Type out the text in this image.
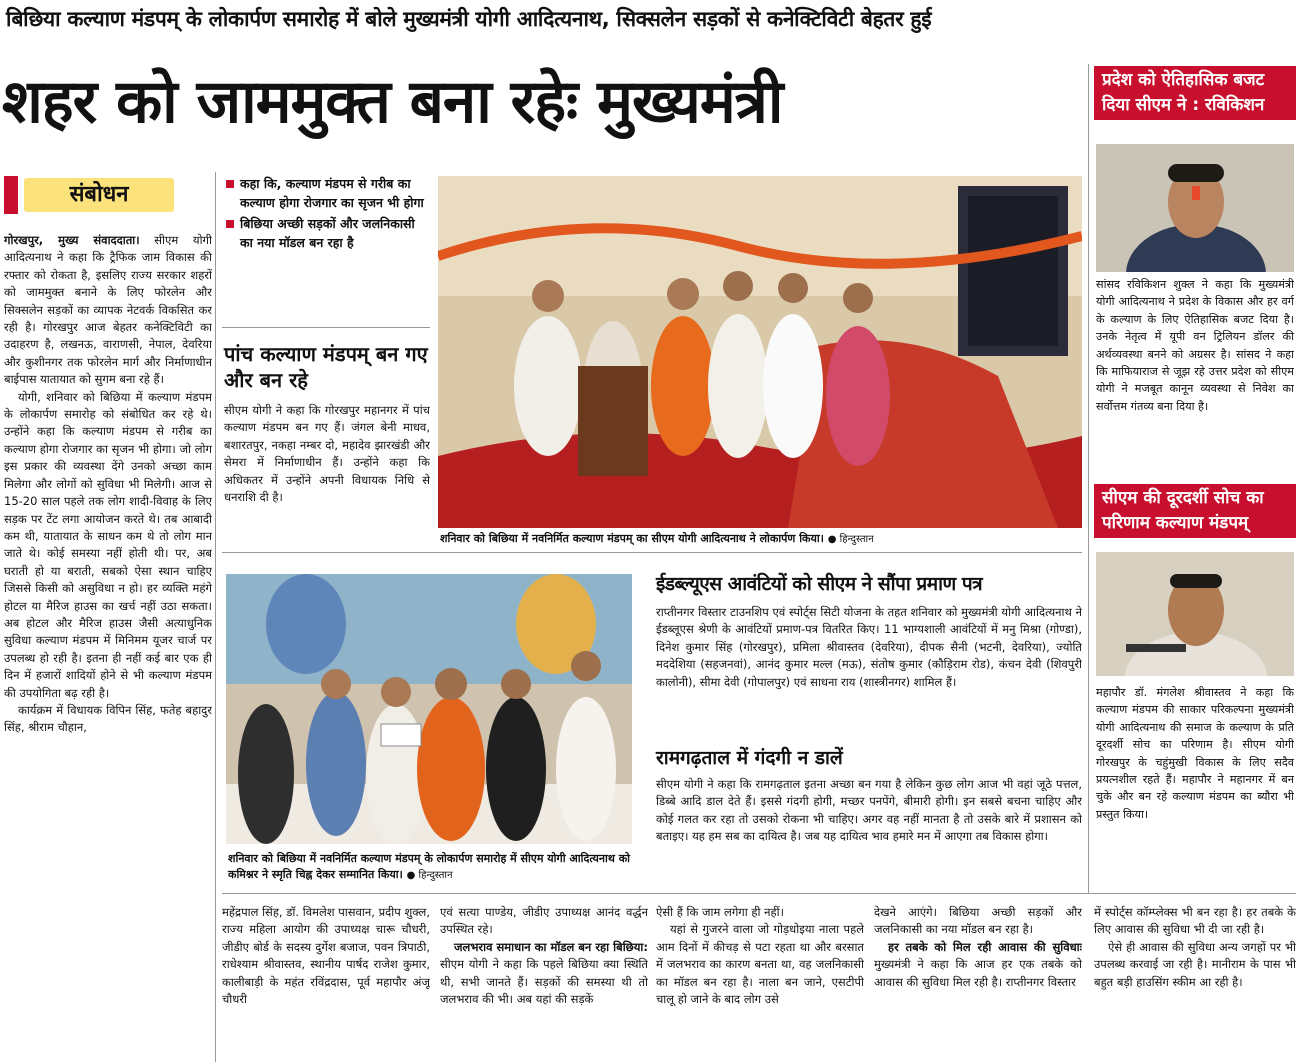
बिछिया कल्याण मंडपम् के लोकार्पण समारोह में बोले मुख्यमंत्री योगी आदित्यनाथ, सिक्सलेन सड़कों से कनेक्टिविटी बेहतर हुई
शहर को जाममुक्त बना रहेः मुख्यमंत्री
संबोधन

गोरखपुर, मुख्य संवाददाता। सीएम योगी आदित्यनाथ ने कहा कि ट्रैफिक जाम विकास की रफ्तार को रोकता है, इसलिए राज्य सरकार शहरों को जाममुक्त बनाने के लिए फोरलेन और सिक्सलेन सड़कों का व्यापक नेटवर्क विकसित कर रही है। गोरखपुर आज बेहतर कनेक्टिविटी का उदाहरण है, लखनऊ, वाराणसी, नेपाल, देवरिया और कुशीनगर तक फोरलेन मार्ग और निर्माणाधीन बाईपास यातायात को सुगम बना रहे हैं।

योगी, शनिवार को बिछिया में कल्याण मंडपम के लोकार्पण समारोह को संबोधित कर रहे थे। उन्होंने कहा कि कल्याण मंडपम से गरीब का कल्याण होगा रोजगार का सृजन भी होगा। जो लोग इस प्रकार की व्यवस्था देंगे उनको अच्छा काम मिलेगा और लोगों को सुविधा भी मिलेगी। आज से 15-20 साल पहले तक लोग शादी-विवाह के लिए सड़क पर टेंट लगा आयोजन करते थे। तब आबादी कम थी, यातायात के साधन कम थे तो लोग मान जाते थे। कोई समस्या नहीं होती थी। पर, अब घराती हो या बराती, सबको ऐसा स्थान चाहिए जिससे किसी को असुविधा न हो। हर व्यक्ति महंगे होटल या मैरिज हाउस का खर्च नहीं उठा सकता। अब होटल और मैरिज हाउस जैसी अत्याधुनिक सुविधा कल्याण मंडपम में मिनिमम यूजर चार्ज पर उपलब्ध हो रही है। इतना ही नहीं कई बार एक ही दिन में हजारों शादियों होने से भी कल्याण मंडपम की उपयोगिता बढ़ रही है।

कार्यक्रम में विधायक विपिन सिंह, फतेह बहादुर सिंह, श्रीराम चौहान,

कहा कि, कल्याण मंडपम से गरीब का कल्याण होगा रोजगार का सृजन भी होगा
बिछिया अच्छी सड़कों और जलनिकासी का नया मॉडल बन रहा है
पांच कल्याण मंडपम् बन गए और बन रहे
सीएम योगी ने कहा कि गोरखपुर महानगर में पांच कल्याण मंडपम बन गए हैं। जंगल बेनी माधव, बशारतपुर, नकहा नम्बर दो, महादेव झारखंडी और सेमरा में निर्माणाधीन हैं। उन्होंने कहा कि अधिकतर में उन्होंने अपनी विधायक निधि से धनराशि दी है।
शनिवार को बिछिया में नवनिर्मित कल्याण मंडपम् का सीएम योगी आदित्यनाथ ने लोकार्पण किया। ● हिन्दुस्तान
शनिवार को बिछिया में नवनिर्मित कल्याण मंडपम् के लोकार्पण समारोह में सीएम योगी आदित्यनाथ को कमिश्नर ने स्मृति चिह्न देकर सम्मानित किया। ● हिन्दुस्तान
ईडब्ल्यूएस आवंटियों को सीएम ने सौंपा प्रमाण पत्र
राप्तीनगर विस्तार टाउनशिप एवं स्पोर्ट्स सिटी योजना के तहत शनिवार को मुख्यमंत्री योगी आदित्यनाथ ने ईडब्लूएस श्रेणी के आवंटियों प्रमाण-पत्र वितरित किए। 11 भाग्यशाली आवंटियों में मनु मिश्रा (गोण्डा), दिनेश कुमार सिंह (गोरखपुर), प्रमिला श्रीवास्तव (देवरिया), दीपक सैनी (भटनी, देवरिया), ज्योति मददेशिया (सहजनवां), आनंद कुमार मल्ल (मऊ), संतोष कुमार (कौड़िराम रोड), कंचन देवी (शिवपुरी कालोनी), सीमा देवी (गोपालपुर) एवं साधना राय (शास्त्रीनगर) शामिल हैं।
रामगढ़ताल में गंदगी न डालें
सीएम योगी ने कहा कि रामगढ़ताल इतना अच्छा बन गया है लेकिन कुछ लोग आज भी वहां जूठे पत्तल, डिब्बे आदि डाल देते हैं। इससे गंदगी होगी, मच्छर पनपेंगे, बीमारी होगी। इन सबसे बचना चाहिए और कोई गलत कर रहा तो उसको रोकना भी चाहिए। अगर वह नहीं मानता है तो उसके बारे में प्रशासन को बताइए। यह हम सब का दायित्व है। जब यह दायित्व भाव हमारे मन में आएगा तब विकास होगा।
प्रदेश को ऐतिहासिक बजट दिया सीएम ने : रविकिशन
सांसद रविकिशन शुक्ल ने कहा कि मुख्यमंत्री योगी आदित्यनाथ ने प्रदेश के विकास और हर वर्ग के कल्याण के लिए ऐतिहासिक बजट दिया है। उनके नेतृत्व में यूपी वन ट्रिलियन डॉलर की अर्थव्यवस्था बनने को अग्रसर है। सांसद ने कहा कि माफियाराज से जूझ रहे उत्तर प्रदेश को सीएम योगी ने मजबूत कानून व्यवस्था से निवेश का सर्वोत्तम गंतव्य बना दिया है।
सीएम की दूरदर्शी सोच का परिणाम कल्याण मंडपम्
महापौर डॉ. मंगलेश श्रीवास्तव ने कहा कि कल्याण मंडपम की साकार परिकल्पना मुख्यमंत्री योगी आदित्यनाथ की समाज के कल्याण के प्रति दूरदर्शी सोच का परिणाम है। सीएम योगी गोरखपुर के चहुंमुखी विकास के लिए सदैव प्रयत्नशील रहते हैं। महापौर ने महानगर में बन चुके और बन रहे कल्याण मंडपम का ब्यौरा भी प्रस्तुत किया।
महेंद्रपाल सिंह, डॉ. विमलेश पासवान, प्रदीप शुक्ल, राज्य महिला आयोग की उपाध्यक्ष चारू चौधरी, जीडीए बोर्ड के सदस्य दुर्गेश बजाज, पवन त्रिपाठी, राधेश्याम श्रीवास्तव, स्थानीय पार्षद राजेश कुमार, कालीबाड़ी के महंत रविंद्रदास, पूर्व महापौर अंजू चौधरी

एवं सत्या पाण्डेय, जीडीए उपाध्यक्ष आनंद वर्द्धन उपस्थित रहे।

जलभराव समाधान का मॉडल बन रहा बिछिया: सीएम योगी ने कहा कि पहले बिछिया क्या स्थिति थी, सभी जानते हैं। सड़कों की समस्या थी तो जलभराव की भी। अब यहां की सड़कें

ऐसी हैं कि जाम लगेगा ही नहीं।

यहां से गुजरने वाला जो गोड़धोइया नाला पहले आम दिनों में कीचड़ से पटा रहता था और बरसात में जलभराव का कारण बनता था, वह जलनिकासी का मॉडल बन रहा है। नाला बन जाने, एसटीपी चालू हो जाने के बाद लोग उसे

देखने आएंगे। बिछिया अच्छी सड़कों और जलनिकासी का नया मॉडल बन रहा है।

हर तबके को मिल रही आवास की सुविधाः मुख्यमंत्री ने कहा कि आज हर एक तबके को आवास की सुविधा मिल रही है। राप्तीनगर विस्तार

में स्पोर्ट्स कॉम्प्लेक्स भी बन रहा है। हर तबके के लिए आवास की सुविधा भी दी जा रही है।

ऐसे ही आवास की सुविधा अन्य जगहों पर भी उपलब्ध करवाई जा रही है। मानीराम के पास भी बहुत बड़ी हाउसिंग स्कीम आ रही है।
